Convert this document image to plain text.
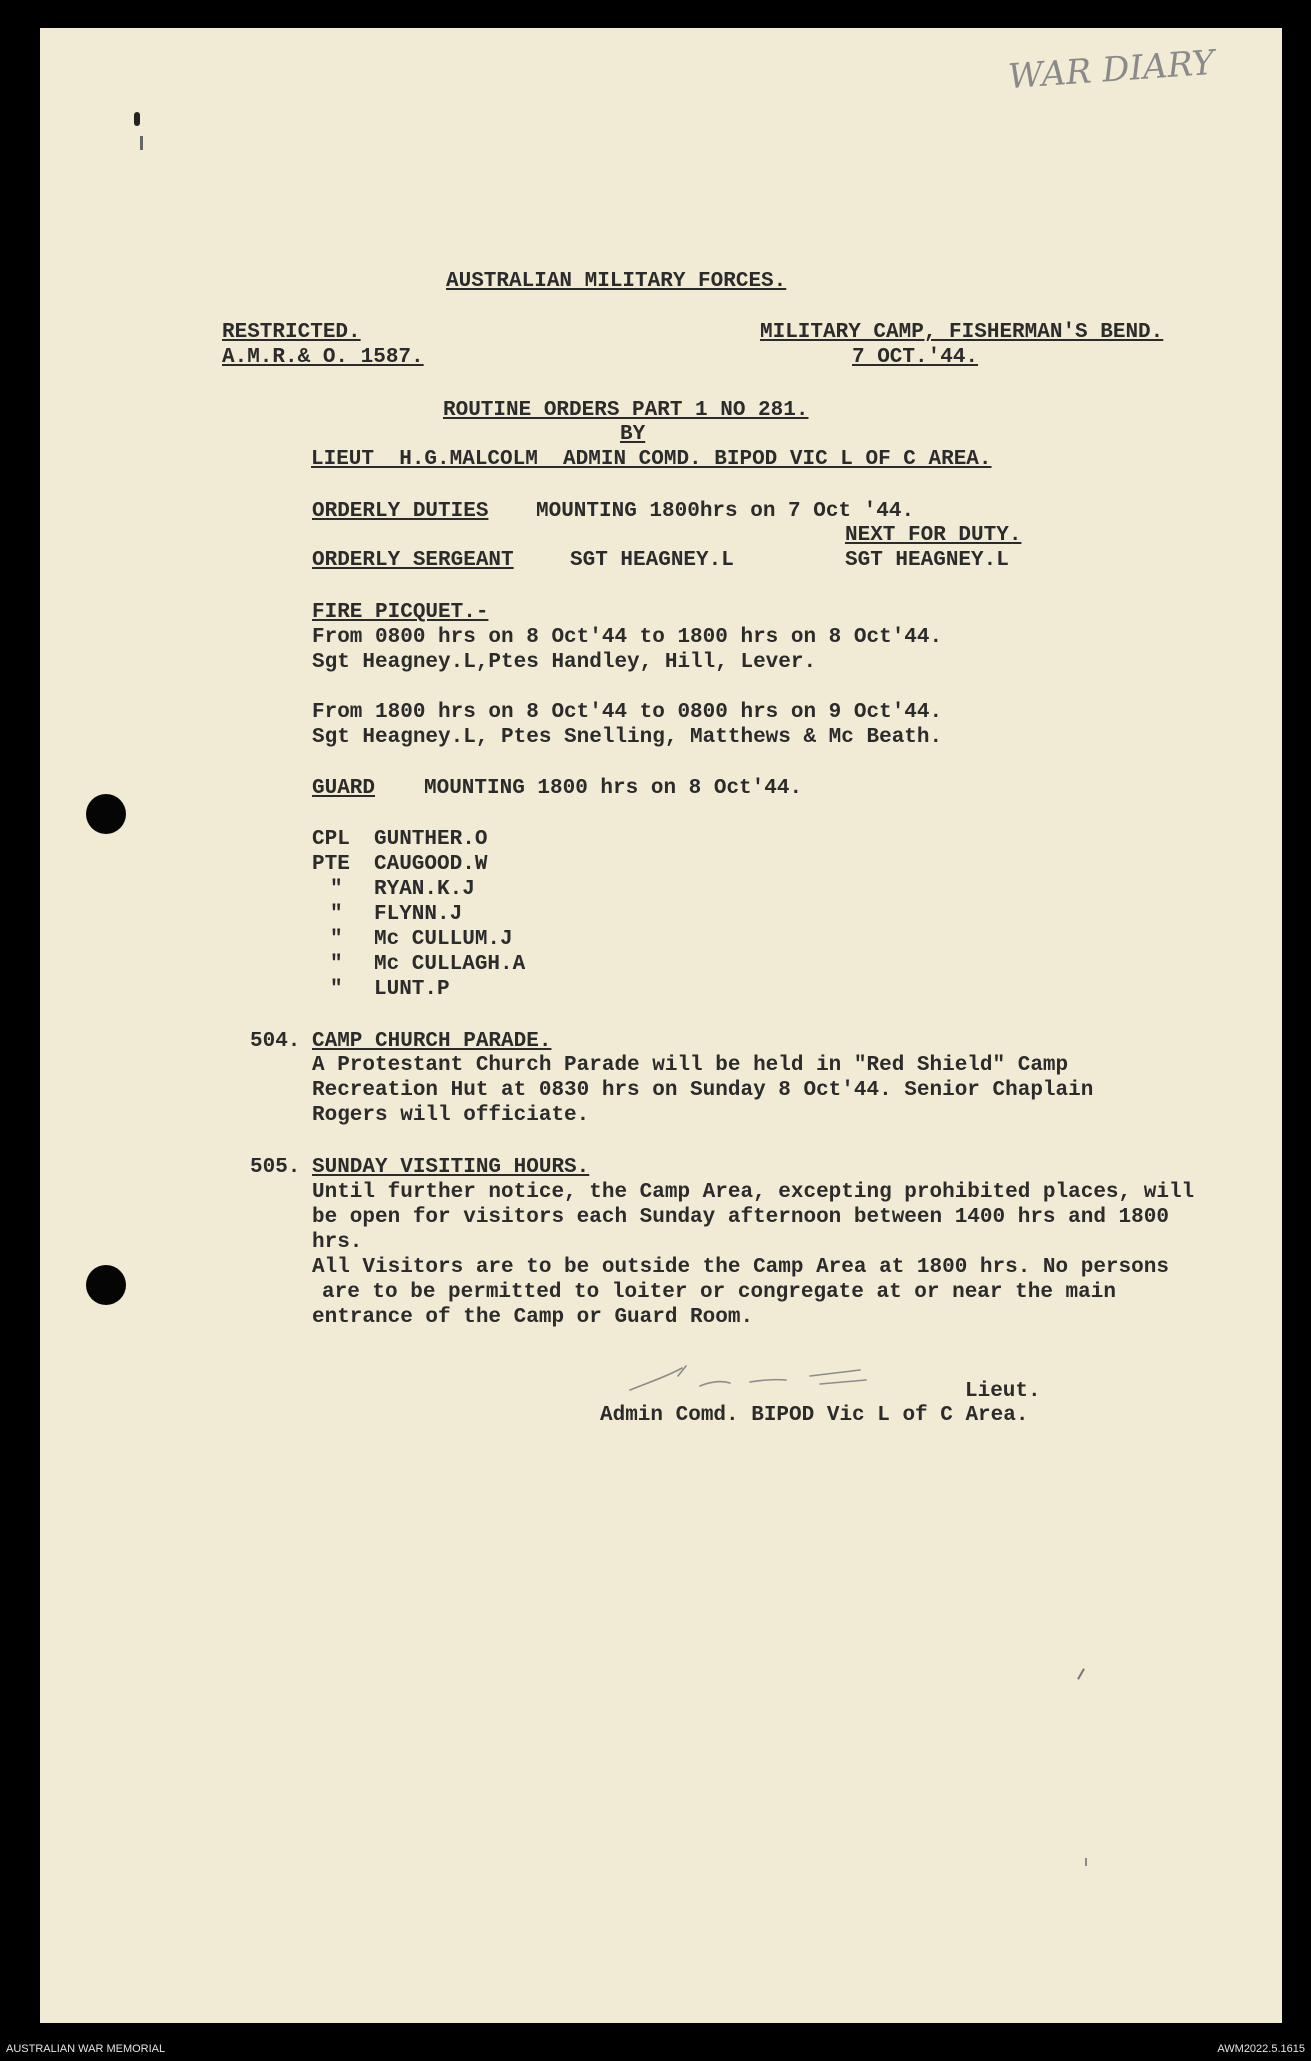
WAR DIARY
AUSTRALIAN MILITARY FORCES.
RESTRICTED.
A.M.R.& O. 1587.
MILITARY CAMP, FISHERMAN'S BEND.
7 OCT.'44.
ROUTINE ORDERS PART 1 NO 281.
BY
LIEUT  H.G.MALCOLM  ADMIN COMD. BIPOD VIC L OF C AREA.
ORDERLY DUTIES MOUNTING 1800hrs on 7 Oct '44.
NEXT FOR DUTY.
ORDERLY SERGEANT	SGT HEAGNEY.L	SGT HEAGNEY.L
FIRE PICQUET.-
From 0800 hrs on 8 Oct'44 to 1800 hrs on 8 Oct'44.
Sgt Heagney.L,Ptes Handley, Hill, Lever.
From 1800 hrs on 8 Oct'44 to 0800 hrs on 9 Oct'44.
Sgt Heagney.L, Ptes Snelling, Matthews & Mc Beath.
GUARD MOUNTING 1800 hrs on 8 Oct'44.
CPL GUNTHER.O
PTE CAUGOOD.W
" RYAN.K.J
" FLYNN.J
" Mc CULLUM.J
" Mc CULLAGH.A
" LUNT.P
504. CAMP CHURCH PARADE.
A Protestant Church Parade will be held in "Red Shield" Camp
Recreation Hut at 0830 hrs on Sunday 8 Oct'44. Senior Chaplain
Rogers will officiate.
505. SUNDAY VISITING HOURS.
Until further notice, the Camp Area, excepting prohibited places, will
be open for visitors each Sunday afternoon between 1400 hrs and 1800
hrs.
All Visitors are to be outside the Camp Area at 1800 hrs. No persons
are to be permitted to loiter or congregate at or near the main
entrance of the Camp or Guard Room.
Lieut.
Admin Comd. BIPOD Vic L of C Area.
AUSTRALIAN WAR MEMORIAL	AWM2022.5.1615
